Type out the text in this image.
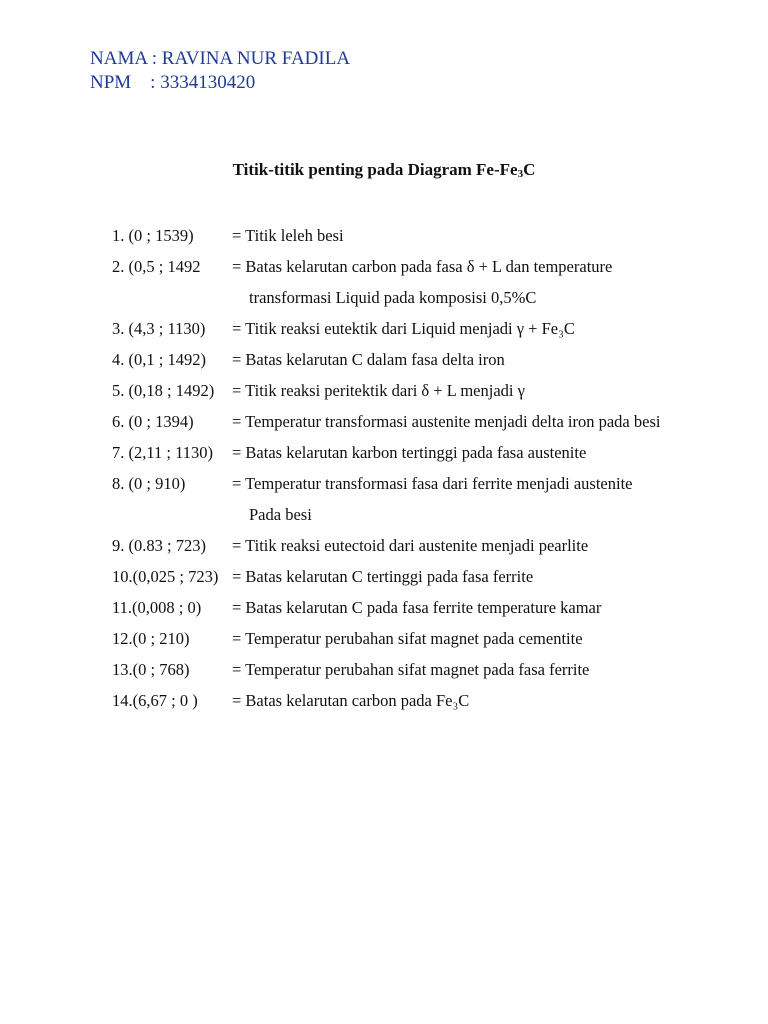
NAMA : RAVINA NUR FADILA
NPM    : 3334130420
Titik-titik penting pada Diagram $Fe-Fe_3C$
1. (0 ; 1539) = Titik leleh besi
2. (0,5 ; 1492 = Batas kelarutan carbon pada fasa δ + L dan temperature
transformasi Liquid pada komposisi 0,5%C
3. (4,3 ; 1130) = Titik reaksi eutektik dari Liquid menjadi γ + Fe₃C
4. (0,1 ; 1492) = Batas kelarutan C dalam fasa delta iron
5. (0,18 ; 1492) = Titik reaksi peritektik dari δ + L menjadi γ
6. (0 ; 1394) = Temperatur transformasi austenite menjadi delta iron pada besi
7. (2,11 ; 1130) = Batas kelarutan karbon tertinggi pada fasa austenite
8. (0 ; 910)	= Temperatur transformasi fasa dari ferrite menjadi austenite
Pada besi
9. (0.83 ; 723) = Titik reaksi eutectoid dari austenite menjadi pearlite
10.(0,025 ; 723) = Batas kelarutan C tertinggi pada fasa ferrite
11.(0,008 ; 0) = Batas kelarutan C pada fasa ferrite temperature kamar
12.(0 ; 210)	= Temperatur perubahan sifat magnet pada cementite
13.(0 ; 768)	= Temperatur perubahan sifat magnet pada fasa ferrite
14.(6,67 ; 0 ) = Batas kelarutan carbon pada Fe₃C
